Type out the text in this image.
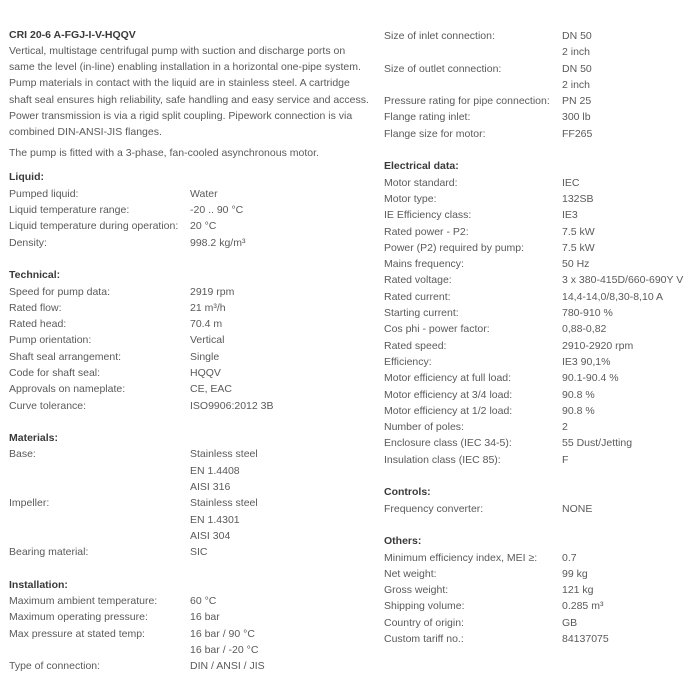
CRI 20-6 A-FGJ-I-V-HQQV

Vertical, multistage centrifugal pump with suction and discharge ports on same the level (in-line) enabling installation in a horizontal one-pipe system. Pump materials in contact with the liquid are in stainless steel. A cartridge shaft seal ensures high reliability, safe handling and easy service and access. Power transmission is via a rigid split coupling. Pipework connection is via combined DIN-ANSI-JIS flanges.

The pump is fitted with a 3-phase, fan-cooled asynchronous motor.
Liquid:
Pumped liquid:	Water
Liquid temperature range:	-20 .. 90 °C
Liquid temperature during operation:	20 °C
Density:	998.2 kg/m³
Technical:
Speed for pump data:	2919 rpm
Rated flow:	21 m³/h
Rated head:	70.4 m
Pump orientation:	Vertical
Shaft seal arrangement:	Single
Code for shaft seal:	HQQV
Approvals on nameplate:	CE, EAC
Curve tolerance:	ISO9906:2012 3B
Materials:
Base:	Stainless steel
EN 1.4408
AISI 316
Impeller:	Stainless steel
EN 1.4301
AISI 304
Bearing material:	SIC
Installation:
Maximum ambient temperature:	60 °C
Maximum operating pressure:	16 bar
Max pressure at stated temp:	16 bar / 90 °C
16 bar / -20 °C
Type of connection:	DIN / ANSI / JIS
Size of inlet connection:	DN 50
2 inch
Size of outlet connection:	DN 50
2 inch
Pressure rating for pipe connection:	PN 25
Flange rating inlet:	300 lb
Flange size for motor:	FF265
Electrical data:
Motor standard:	IEC
Motor type:	132SB
IE Efficiency class:	IE3
Rated power - P2:	7.5 kW
Power (P2) required by pump:	7.5 kW
Mains frequency:	50 Hz
Rated voltage:	3 x 380-415D/660-690Y V
Rated current:	14,4-14,0/8,30-8,10 A
Starting current:	780-910 %
Cos phi - power factor:	0,88-0,82
Rated speed:	2910-2920 rpm
Efficiency:	IE3 90,1%
Motor efficiency at full load:	90.1-90.4 %
Motor efficiency at 3/4 load:	90.8 %
Motor efficiency at 1/2 load:	90.8 %
Number of poles:	2
Enclosure class (IEC 34-5):	55 Dust/Jetting
Insulation class (IEC 85):	F
Controls:
Frequency converter:	NONE
Others:
Minimum efficiency index, MEI ≥:	0.7
Net weight:	99 kg
Gross weight:	121 kg
Shipping volume:	0.285 m³
Country of origin:	GB
Custom tariff no.:	84137075
